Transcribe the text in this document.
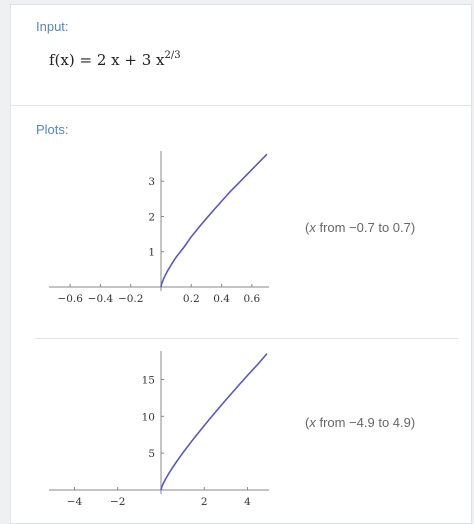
Input:
f(x) = 2 x + 3 $x^{2/3}$
Plots:
−0.6 −0.4 −0.2	0.2 0.4 0.6
1
2
3
(x from −0.7 to 0.7)
−4	−2	2	4
5
10
15
(x from −4.9 to 4.9)
